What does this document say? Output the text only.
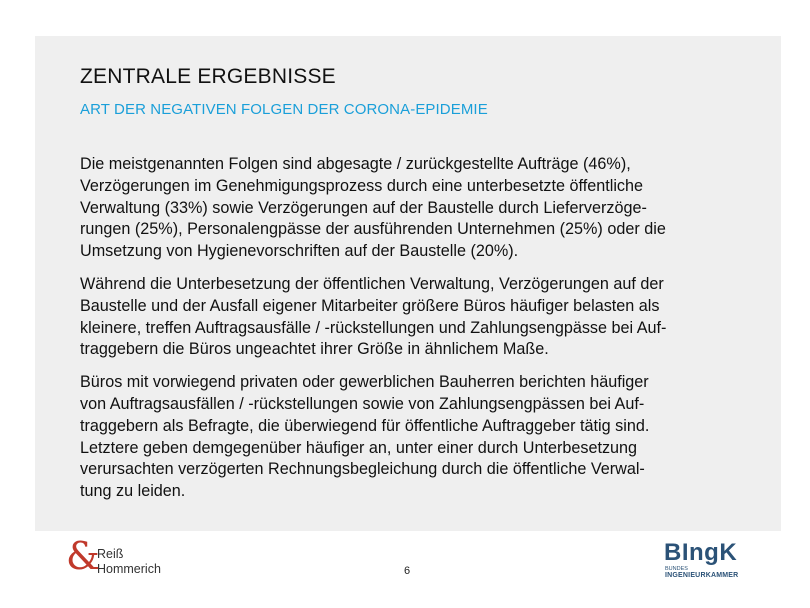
ZENTRALE ERGEBNISSE
ART DER NEGATIVEN FOLGEN DER CORONA-EPIDEMIE

Die meistgenannten Folgen sind abgesagte / zurückgestellte Aufträge (46%),
Verzögerungen im Genehmigungsprozess durch eine unterbesetzte öffentliche
Verwaltung (33%) sowie Verzögerungen auf der Baustelle durch Lieferverzöge-
rungen (25%), Personalengpässe der ausführenden Unternehmen (25%) oder die
Umsetzung von Hygienevorschriften auf der Baustelle (20%).

Während die Unterbesetzung der öffentlichen Verwaltung, Verzögerungen auf der
Baustelle und der Ausfall eigener Mitarbeiter größere Büros häufiger belasten als
kleinere, treffen Auftragsausfälle / -rückstellungen und Zahlungsengpässe bei Auf-
traggebern die Büros ungeachtet ihrer Größe in ähnlichem Maße.

Büros mit vorwiegend privaten oder gewerblichen Bauherren berichten häufiger
von Auftragsausfällen / -rückstellungen sowie von Zahlungsengpässen bei Auf-
traggebern als Befragte, die überwiegend für öffentliche Auftraggeber tätig sind.
Letztere geben demgegenüber häufiger an, unter einer durch Unterbesetzung
verursachten verzögerten Rechnungsbegleichung durch die öffentliche Verwal-
tung zu leiden.

&
Reiß
Hommerich	6
BIngK
BUNDES
INGENIEURKAMMER
